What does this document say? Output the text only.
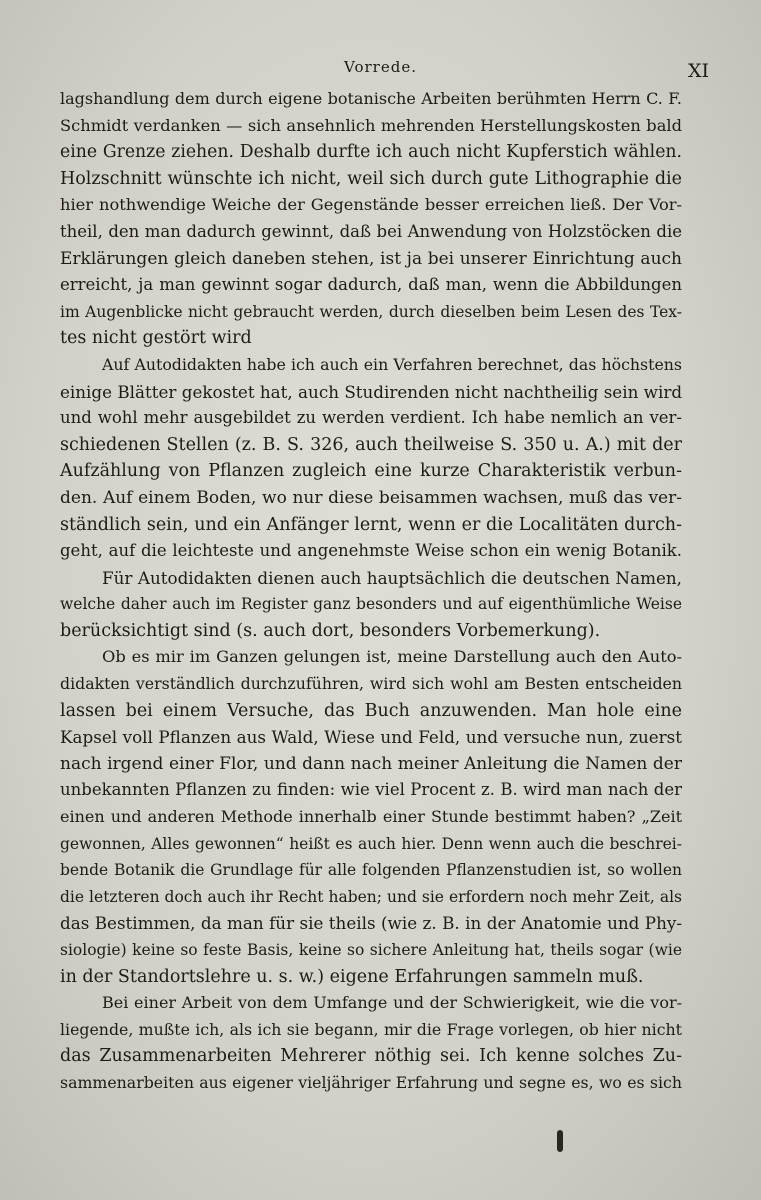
Vorrede.	XI
lagshandlung dem durch eigene botanische Arbeiten berühmten Herrn C. F.
Schmidt verdanken — sich ansehnlich mehrenden Herstellungskosten bald
eine Grenze ziehen. Deshalb durfte ich auch nicht Kupferstich wählen.
Holzschnitt wünschte ich nicht, weil sich durch gute Lithographie die
hier nothwendige Weiche der Gegenstände besser erreichen ließ. Der Vor-
theil, den man dadurch gewinnt, daß bei Anwendung von Holzstöcken die
Erklärungen gleich daneben stehen, ist ja bei unserer Einrichtung auch
erreicht, ja man gewinnt sogar dadurch, daß man, wenn die Abbildungen
im Augenblicke nicht gebraucht werden, durch dieselben beim Lesen des Tex-
tes nicht gestört wird
Auf Autodidakten habe ich auch ein Verfahren berechnet, das höchstens
einige Blätter gekostet hat, auch Studirenden nicht nachtheilig sein wird
und wohl mehr ausgebildet zu werden verdient. Ich habe nemlich an ver-
schiedenen Stellen (z. B. S. 326, auch theilweise S. 350 u. A.) mit der
Aufzählung von Pflanzen zugleich eine kurze Charakteristik verbun-
den. Auf einem Boden, wo nur diese beisammen wachsen, muß das ver-
ständlich sein, und ein Anfänger lernt, wenn er die Localitäten durch-
geht, auf die leichteste und angenehmste Weise schon ein wenig Botanik.
Für Autodidakten dienen auch hauptsächlich die deutschen Namen,
welche daher auch im Register ganz besonders und auf eigenthümliche Weise
berücksichtigt sind (s. auch dort, besonders Vorbemerkung).
Ob es mir im Ganzen gelungen ist, meine Darstellung auch den Auto-
didakten verständlich durchzuführen, wird sich wohl am Besten entscheiden
lassen bei einem Versuche, das Buch anzuwenden. Man hole eine
Kapsel voll Pflanzen aus Wald, Wiese und Feld, und versuche nun, zuerst
nach irgend einer Flor, und dann nach meiner Anleitung die Namen der
unbekannten Pflanzen zu finden: wie viel Procent z. B. wird man nach der
einen und anderen Methode innerhalb einer Stunde bestimmt haben? „Zeit
gewonnen, Alles gewonnen“ heißt es auch hier. Denn wenn auch die beschrei-
bende Botanik die Grundlage für alle folgenden Pflanzenstudien ist, so wollen
die letzteren doch auch ihr Recht haben; und sie erfordern noch mehr Zeit, als
das Bestimmen, da man für sie theils (wie z. B. in der Anatomie und Phy-
siologie) keine so feste Basis, keine so sichere Anleitung hat, theils sogar (wie
in der Standortslehre u. s. w.) eigene Erfahrungen sammeln muß.
Bei einer Arbeit von dem Umfange und der Schwierigkeit, wie die vor-
liegende, mußte ich, als ich sie begann, mir die Frage vorlegen, ob hier nicht
das Zusammenarbeiten Mehrerer nöthig sei. Ich kenne solches Zu-
sammenarbeiten aus eigener vieljähriger Erfahrung und segne es, wo es sich
